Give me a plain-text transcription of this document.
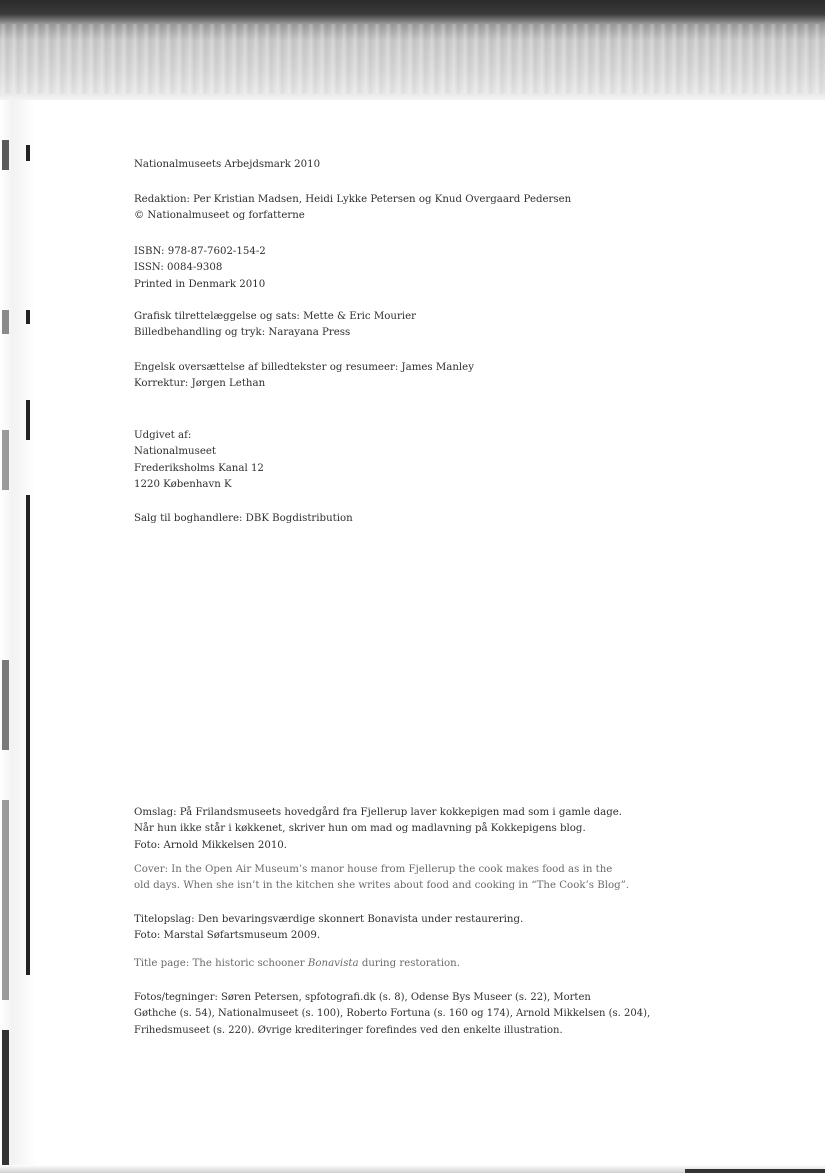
Nationalmuseets Arbejdsmark 2010
Redaktion: Per Kristian Madsen, Heidi Lykke Petersen og Knud Overgaard Pedersen
© Nationalmuseet og forfatterne
ISBN: 978-87-7602-154-2
ISSN: 0084-9308
Printed in Denmark 2010
Grafisk tilrettelæggelse og sats: Mette & Eric Mourier
Billedbehandling og tryk: Narayana Press
Engelsk oversættelse af billedtekster og resumeer: James Manley
Korrektur: Jørgen Lethan
Udgivet af:
Nationalmuseet
Frederiksholms Kanal 12
1220 København K
Salg til boghandlere: DBK Bogdistribution
Omslag: På Frilandsmuseets hovedgård fra Fjellerup laver kokkepigen mad som i gamle dage.
Når hun ikke står i køkkenet, skriver hun om mad og madlavning på Kokkepigens blog.
Foto: Arnold Mikkelsen 2010.
Cover: In the Open Air Museum’s manor house from Fjellerup the cook makes food as in the
old days. When she isn’t in the kitchen she writes about food and cooking in “The Cook’s Blog”.
Titelopslag: Den bevaringsværdige skonnert Bonavista under restaurering.
Foto: Marstal Søfartsmuseum 2009.
Title page: The historic schooner Bonavista during restoration.
Fotos/tegninger: Søren Petersen, spfotografi.dk (s. 8), Odense Bys Museer (s. 22), Morten
Gøthche (s. 54), Nationalmuseet (s. 100), Roberto Fortuna (s. 160 og 174), Arnold Mikkelsen (s. 204),
Frihedsmuseet (s. 220). Øvrige krediteringer forefindes ved den enkelte illustration.
